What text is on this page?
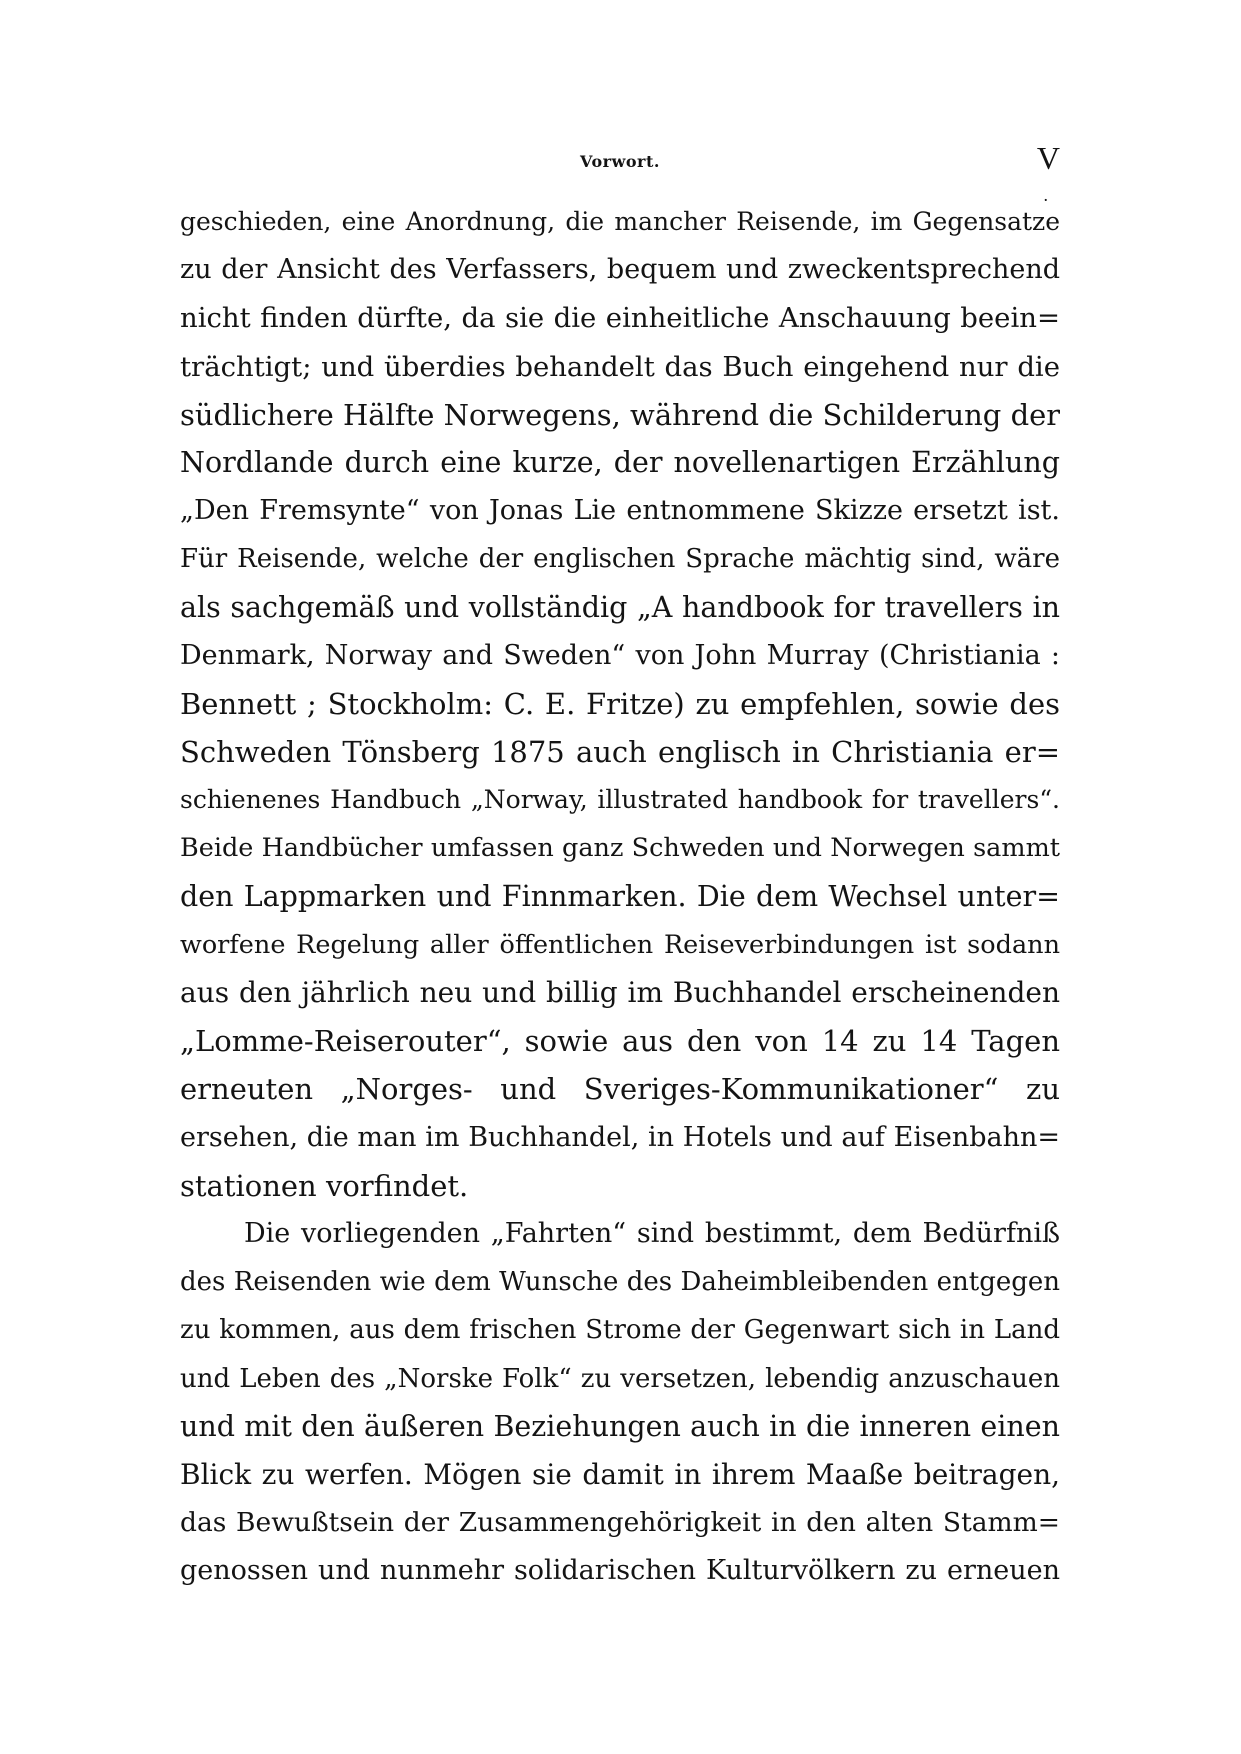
Vorwort.	V
.
geschieden, eine Anordnung, die mancher Reisende, im Gegensatze
zu der Ansicht des Verfassers, bequem und zweckentsprechend
nicht finden dürfte, da sie die einheitliche Anschauung beein=
trächtigt; und überdies behandelt das Buch eingehend nur die
südlichere Hälfte Norwegens, während die Schilderung der
Nordlande durch eine kurze, der novellenartigen Erzählung
„Den Fremsynte“ von Jonas Lie entnommene Skizze ersetzt ist.
Für Reisende, welche der englischen Sprache mächtig sind, wäre
als sachgemäß und vollständig „A handbook for travellers in
Denmark, Norway and Sweden“ von John Murray (Christiania :
Bennett ; Stockholm: C. E. Fritze) zu empfehlen, sowie des
Schweden Tönsberg 1875 auch englisch in Christiania er=
schienenes Handbuch „Norway, illustrated handbook for travellers“.
Beide Handbücher umfassen ganz Schweden und Norwegen sammt
den Lappmarken und Finnmarken. Die dem Wechsel unter=
worfene Regelung aller öffentlichen Reiseverbindungen ist sodann
aus den jährlich neu und billig im Buchhandel erscheinenden
„Lomme-Reiserouter“, sowie aus den von 14 zu 14 Tagen
erneuten „Norges- und Sveriges-Kommunikationer“ zu
ersehen, die man im Buchhandel, in Hotels und auf Eisenbahn=
stationen vorfindet.
Die vorliegenden „Fahrten“ sind bestimmt, dem Bedürfniß
des Reisenden wie dem Wunsche des Daheimbleibenden entgegen
zu kommen, aus dem frischen Strome der Gegenwart sich in Land
und Leben des „Norske Folk“ zu versetzen, lebendig anzuschauen
und mit den äußeren Beziehungen auch in die inneren einen
Blick zu werfen. Mögen sie damit in ihrem Maaße beitragen,
das Bewußtsein der Zusammengehörigkeit in den alten Stamm=
genossen und nunmehr solidarischen Kulturvölkern zu erneuen
